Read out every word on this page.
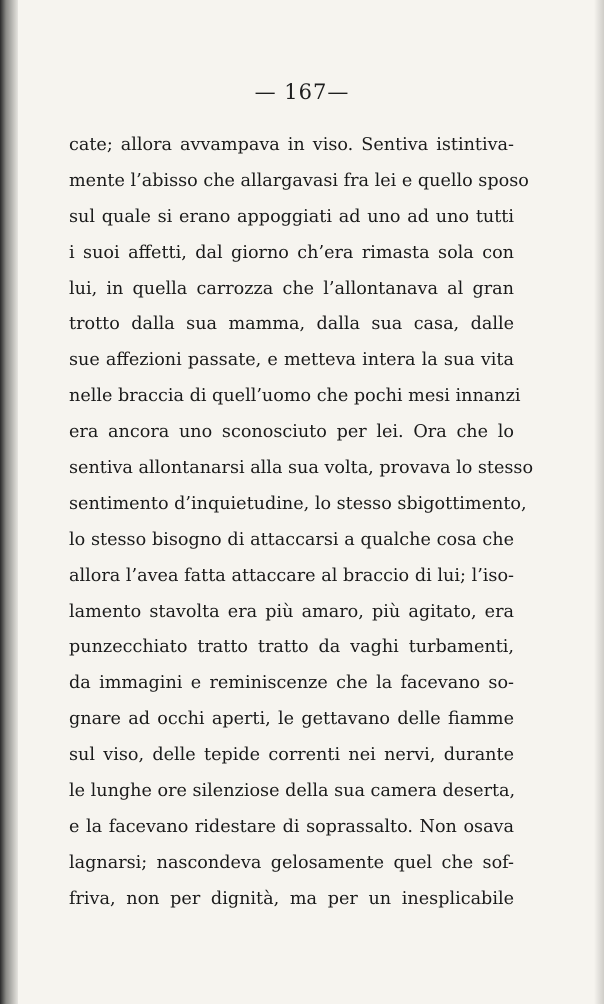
— 167—
cate; allora avvampava in viso. Sentiva istintiva-
mente l’abisso che allargavasi fra lei e quello sposo
sul quale si erano appoggiati ad uno ad uno tutti
i suoi affetti, dal giorno ch’era rimasta sola con
lui, in quella carrozza che l’allontanava al gran
trotto dalla sua mamma, dalla sua casa, dalle
sue affezioni passate, e metteva intera la sua vita
nelle braccia di quell’uomo che pochi mesi innanzi
era ancora uno sconosciuto per lei. Ora che lo
sentiva allontanarsi alla sua volta, provava lo stesso
sentimento d’inquietudine, lo stesso sbigottimento,
lo stesso bisogno di attaccarsi a qualche cosa che
allora l’avea fatta attaccare al braccio di lui; l’iso-
lamento stavolta era più amaro, più agitato, era
punzecchiato tratto tratto da vaghi turbamenti,
da immagini e reminiscenze che la facevano so-
gnare ad occhi aperti, le gettavano delle fiamme
sul viso, delle tepide correnti nei nervi, durante
le lunghe ore silenziose della sua camera deserta,
e la facevano ridestare di soprassalto. Non osava
lagnarsi; nascondeva gelosamente quel che sof-
friva, non per dignità, ma per un inesplicabile
